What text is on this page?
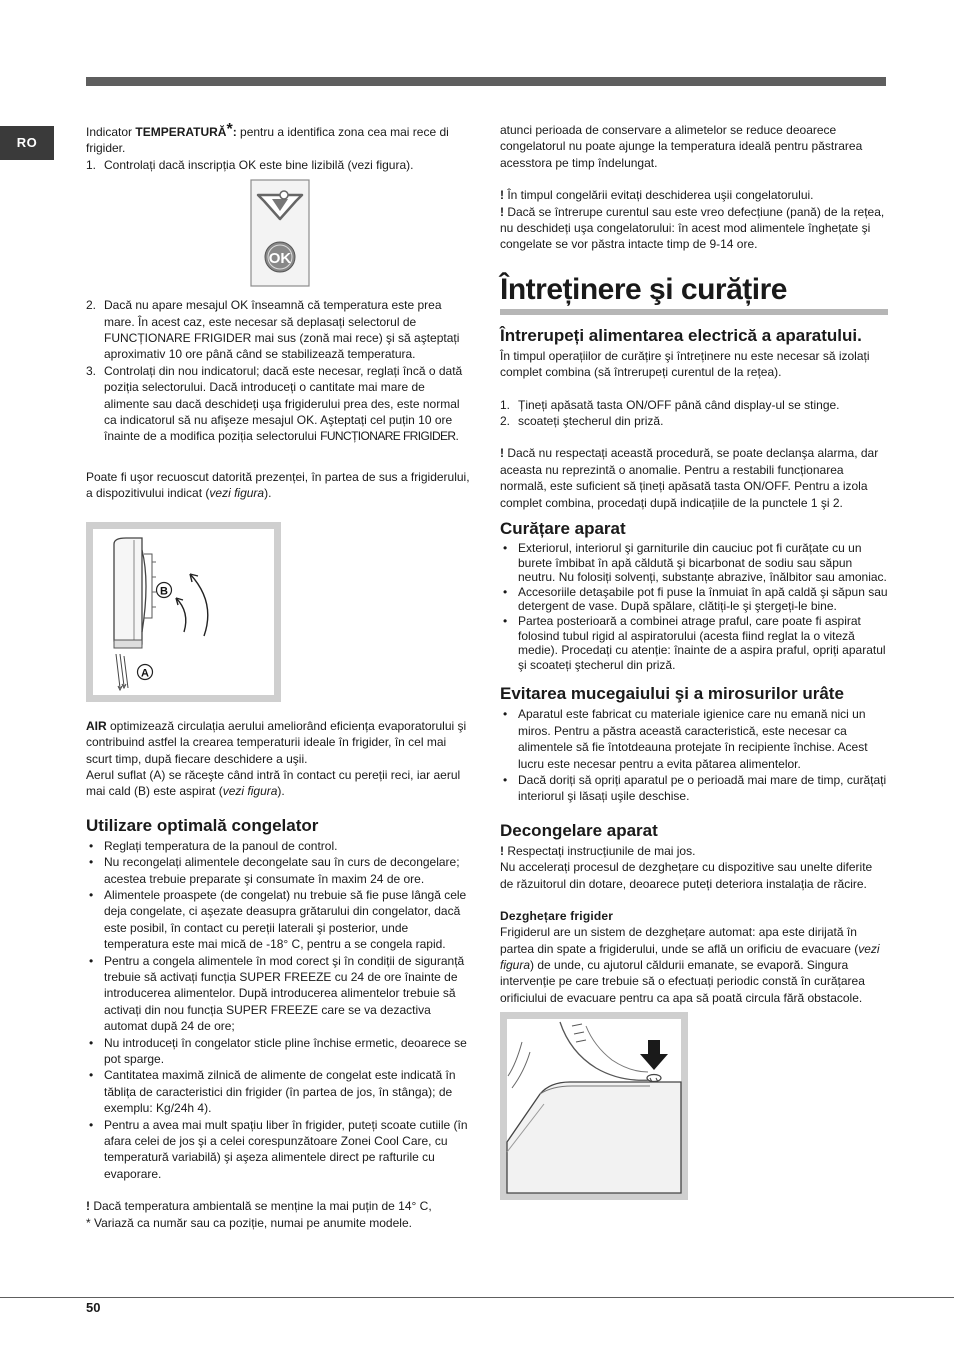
RO

Indicator TEMPERATURĂ*: pentru a identifica zona cea mai rece di frigider.

1. Controlați dacă inscripția OK este bine lizibilă (vezi figura).
OK
2. Dacă nu apare mesajul OK înseamnă că temperatura este prea mare. În acest caz, este necesar să deplasați selectorul de FUNCȚIONARE FRIGIDER mai sus (zonă mai rece) şi să aşteptați aproximativ 10 ore până când se stabilizează temperatura.
3. Controlați din nou indicatorul; dacă este necesar, reglați încă o dată poziția selectorului. Dacă introduceți o cantitate mai mare de alimente sau dacă deschideți uşa frigiderului prea des, este normal ca indicatorul să nu afişeze mesajul OK. Aşteptați cel puțin 10 ore înainte de a modifica poziția selectorului FUNCȚIONARE FRIGIDER.

Poate fi uşor recuoscut datorită prezenței, în partea de sus a frigiderului, a dispozitivului indicat (vezi figura).

B
A

AIR optimizează circulația aerului ameliorând eficiența evaporatorului şi contribuind astfel la crearea temperaturii ideale în frigider, în cel mai scurt timp, după fiecare deschidere a uşii.

Aerul suflat (A) se răceşte când intră în contact cu pereții reci, iar aerul mai cald (B) este aspirat (vezi figura).

Utilizare optimală congelator
• Reglați temperatura de la panoul de control.
• Nu recongelați alimentele decongelate sau în curs de decongelare; acestea trebuie preparate şi consumate în maxim 24 de ore.
• Alimentele proaspete (de congelat) nu trebuie să fie puse lângă cele deja congelate, ci aşezate deasupra grătarului din congelator, dacă este posibil, în contact cu pereții laterali şi posterior, unde temperatura este mai mică de -18° C, pentru a se congela rapid.
• Pentru a congela alimentele în mod corect şi în condiții de siguranță trebuie să activați funcția SUPER FREEZE cu 24 de ore înainte de introducerea alimentelor. După introducerea alimentelor trebuie să activați din nou funcția SUPER FREEZE care se va dezactiva automat după 24 de ore;
• Nu introduceți în congelator sticle pline închise ermetic, deoarece se pot sparge.
• Cantitatea maximă zilnică de alimente de congelat este indicată în tăblița de caracteristici din frigider (în partea de jos, în stânga); de exemplu: Kg/24h 4).
• Pentru a avea mai mult spațiu liber în frigider, puteți scoate cutiile (în afara celei de jos şi a celei corespunzătoare Zonei Cool Care, cu temperatură variabilă) şi aşeza alimentele direct pe rafturile cu evaporare.

! Dacă temperatura ambientală se menține la mai puțin de 14° C,

* Variază ca număr sau ca poziție, numai pe anumite modele.

atunci perioada de conservare a alimetelor se reduce deoarece congelatorul nu poate ajunge la temperatura ideală pentru păstrarea acesstora pe timp îndelungat.

! În timpul congelării evitați deschiderea uşii congelatorului.

! Dacă se întrerupe curentul sau este vreo defecțiune (pană) de la rețea, nu deschideți uşa congelatorului: în acest mod alimentele înghețate şi congelate se vor păstra intacte timp de 9-14 ore.

Întreținere şi curățire
Întrerupeți alimentarea electrică a aparatului.

În timpul operațiilor de curățire şi întreținere nu este necesar să izolați complet combina (să întrerupeți curentul de la rețea).

1. Țineți apăsată tasta ON/OFF până când display-ul se stinge.
2. scoateți ştecherul din priză.

! Dacă nu respectați această procedură, se poate declanşa alarma, dar aceasta nu reprezintă o anomalie. Pentru a restabili funcționarea normală, este suficient să țineți apăsată tasta ON/OFF. Pentru a izola complet combina, procedați după indicațiile de la punctele 1 şi 2.

Curățare aparat
• Exteriorul, interiorul şi garniturile din cauciuc pot fi curățate cu un burete îmbibat în apă căldută şi bicarbonat de sodiu sau săpun neutru. Nu folosiți solvenți, substanțe abrazive, înălbitor sau amoniac.
• Accesoriile detaşabile pot fi puse la înmuiat în apă caldă şi săpun sau detergent de vase. După spălare, clătiți-le şi ştergeți-le bine.
• Partea posterioară a combinei atrage praful, care poate fi aspirat folosind tubul rigid al aspiratorului (acesta fiind reglat la o viteză medie). Procedați cu atenție: înainte de a aspira praful, opriți aparatul şi scoateți ştecherul din priză.
Evitarea mucegaiului şi a mirosurilor urâte
• Aparatul este fabricat cu materiale igienice care nu emană nici un miros. Pentru a păstra această caracteristică, este necesar ca alimentele să fie întotdeauna protejate în recipiente închise. Acest lucru este necesar pentru a evita pătarea alimentelor.
• Dacă doriți să opriți aparatul pe o perioadă mai mare de timp, curățați interiorul şi lăsați uşile deschise.
Decongelare aparat

! Respectați instrucțiunile de mai jos.

Nu accelerați procesul de dezghețare cu dispozitive sau unelte diferite de răzuitorul din dotare, deoarece puteți deteriora instalația de răcire.

Dezghețare frigider

Frigiderul are un sistem de dezghețare automat: apa este dirijată în partea din spate a frigiderului, unde se află un orificiu de evacuare (vezi figura) de unde, cu ajutorul căldurii emanate, se evaporă. Singura intervenție pe care trebuie să o efectuați periodic constă în curățarea orificiului de evacuare pentru ca apa să poată circula fără obstacole.

50
